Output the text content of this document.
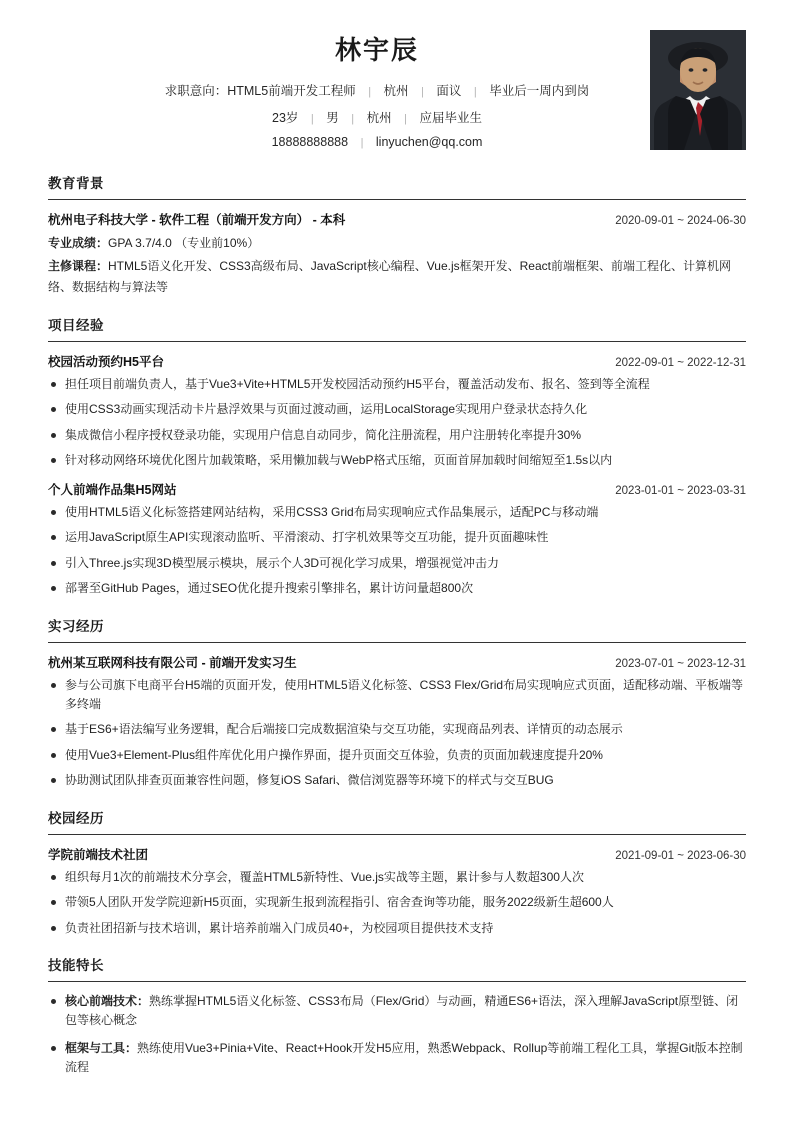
林宇辰
求职意向：HTML5前端开发工程师 | 杭州 | 面议 | 毕业后一周内到岗
23岁 | 男 | 杭州 | 应届毕业生
18888888888 | linyuchen@qq.com
教育背景
杭州电子科技大学 - 软件工程（前端开发方向） - 本科	2020-09-01 ~ 2024-06-30
专业成绩：GPA 3.7/4.0 （专业前10%）
主修课程：HTML5语义化开发、CSS3高级布局、JavaScript核心编程、Vue.js框架开发、React前端框架、前端工程化、计算机网络、数据结构与算法等
项目经验
校园活动预约H5平台	2022-09-01 ~ 2022-12-31
担任项目前端负责人，基于Vue3+Vite+HTML5开发校园活动预约H5平台，覆盖活动发布、报名、签到等全流程
使用CSS3动画实现活动卡片悬浮效果与页面过渡动画，运用LocalStorage实现用户登录状态持久化
集成微信小程序授权登录功能，实现用户信息自动同步，简化注册流程，用户注册转化率提升30%
针对移动网络环境优化图片加载策略，采用懒加载与WebP格式压缩，页面首屏加载时间缩短至1.5s以内
个人前端作品集H5网站	2023-01-01 ~ 2023-03-31
使用HTML5语义化标签搭建网站结构，采用CSS3 Grid布局实现响应式作品集展示，适配PC与移动端
运用JavaScript原生API实现滚动监听、平滑滚动、打字机效果等交互功能，提升页面趣味性
引入Three.js实现3D模型展示模块，展示个人3D可视化学习成果，增强视觉冲击力
部署至GitHub Pages，通过SEO优化提升搜索引擎排名，累计访问量超800次
实习经历
杭州某互联网科技有限公司 - 前端开发实习生	2023-07-01 ~ 2023-12-31
参与公司旗下电商平台H5端的页面开发，使用HTML5语义化标签、CSS3 Flex/Grid布局实现响应式页面，适配移动端、平板端等多终端
基于ES6+语法编写业务逻辑，配合后端接口完成数据渲染与交互功能，实现商品列表、详情页的动态展示
使用Vue3+Element-Plus组件库优化用户操作界面，提升页面交互体验，负责的页面加载速度提升20%
协助测试团队排查页面兼容性问题，修复iOS Safari、微信浏览器等环境下的样式与交互BUG
校园经历
学院前端技术社团	2021-09-01 ~ 2023-06-30
组织每月1次的前端技术分享会，覆盖HTML5新特性、Vue.js实战等主题，累计参与人数超300人次
带领5人团队开发学院迎新H5页面，实现新生报到流程指引、宿舍查询等功能，服务2022级新生超600人
负责社团招新与技术培训，累计培养前端入门成员40+，为校园项目提供技术支持
技能特长
核心前端技术：熟练掌握HTML5语义化标签、CSS3布局（Flex/Grid）与动画，精通ES6+语法，深入理解JavaScript原型链、闭包等核心概念
框架与工具：熟练使用Vue3+Pinia+Vite、React+Hook开发H5应用，熟悉Webpack、Rollup等前端工程化工具，掌握Git版本控制流程
